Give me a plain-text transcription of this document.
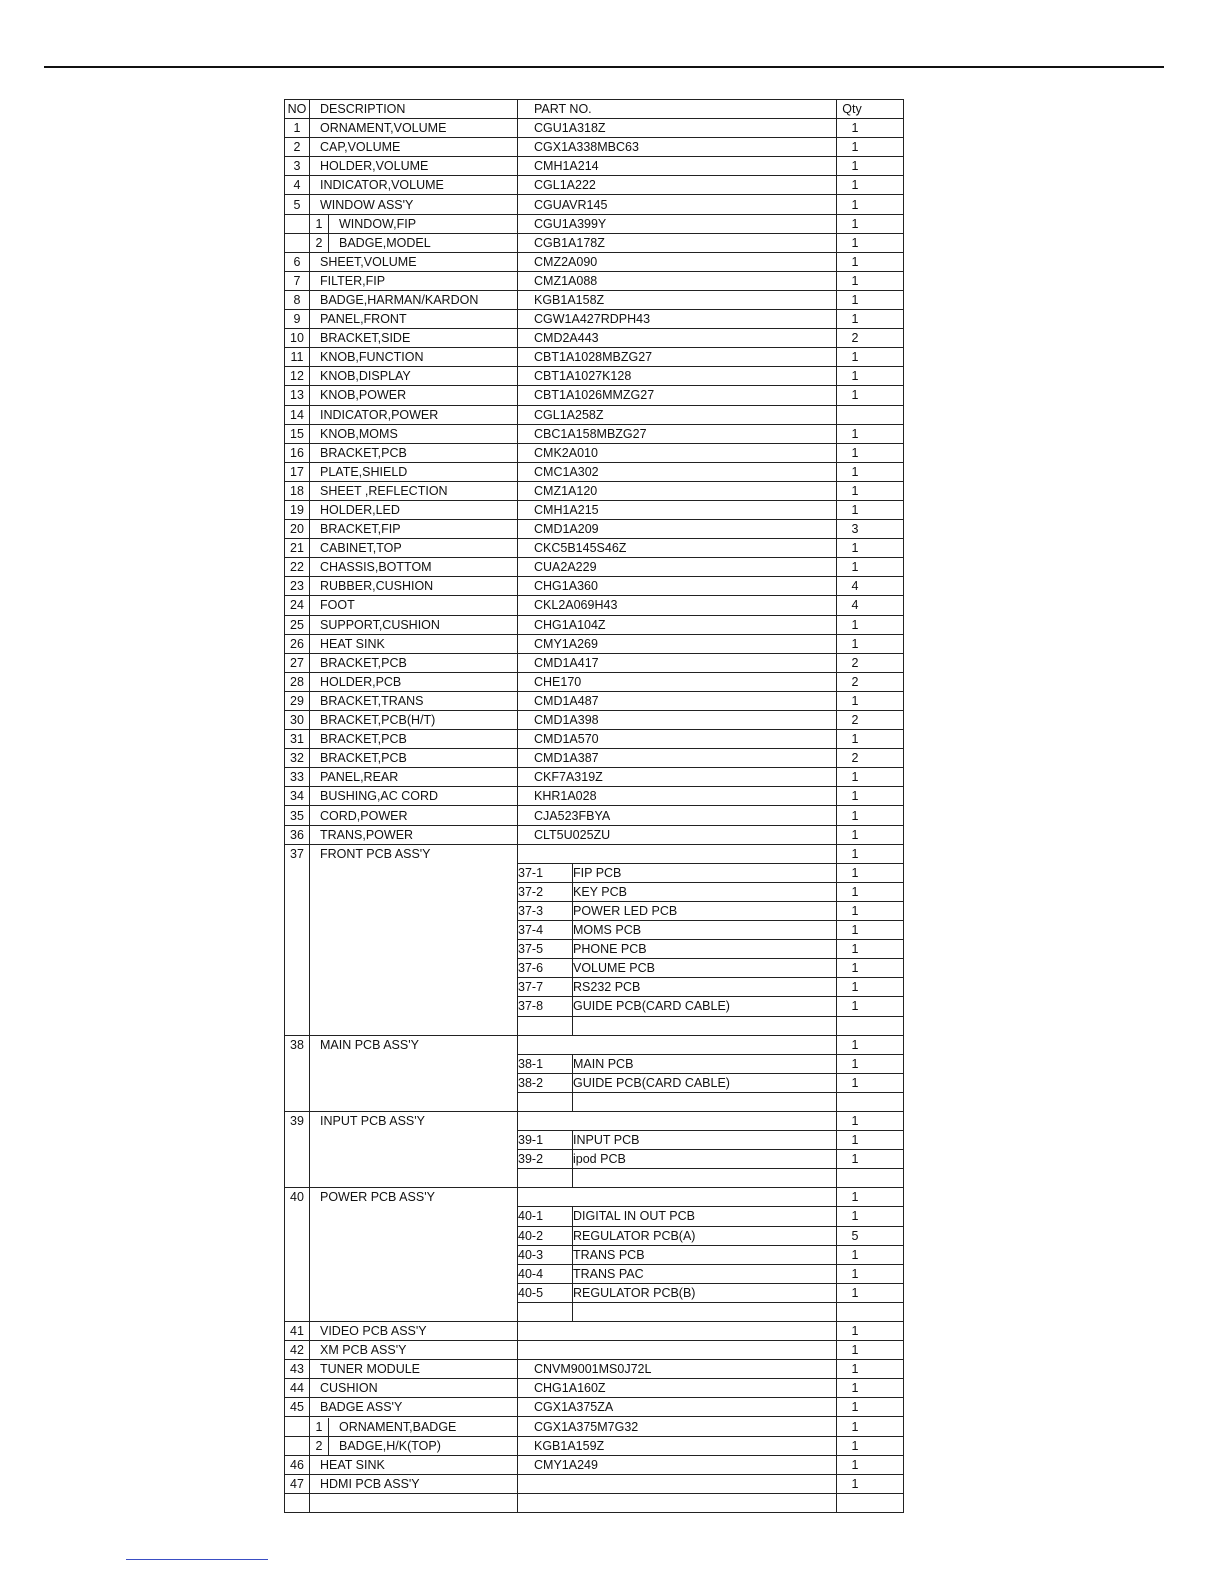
NO	DESCRIPTION	PART NO.		Qty
1	ORNAMENT,VOLUME	CGU1A318Z		1
2	CAP,VOLUME	CGX1A338MBC63		1
3	HOLDER,VOLUME	CMH1A214		1
4	INDICATOR,VOLUME	CGL1A222		1
5	WINDOW ASS'Y	CGUAVR145		1

	1 WINDOW,FIP	CGU1A399Y		1

	2 BADGE,MODEL	CGB1A178Z		1
6	SHEET,VOLUME	CMZ2A090		1
7	FILTER,FIP	CMZ1A088		1
8	BADGE,HARMAN/KARDON	KGB1A158Z		1
9	PANEL,FRONT	CGW1A427RDPH43		1
10	BRACKET,SIDE	CMD2A443		2
11	KNOB,FUNCTION	CBT1A1028MBZG27		1
12	KNOB,DISPLAY	CBT1A1027K128		1
13	KNOB,POWER	CBT1A1026MMZG27		1
14	INDICATOR,POWER	CGL1A258Z		
15	KNOB,MOMS	CBC1A158MBZG27		1
16	BRACKET,PCB	CMK2A010		1
17	PLATE,SHIELD	CMC1A302		1
18	SHEET ,REFLECTION	CMZ1A120		1
19	HOLDER,LED	CMH1A215		1
20	BRACKET,FIP	CMD1A209		3
21	CABINET,TOP	CKC5B145S46Z		1
22	CHASSIS,BOTTOM	CUA2A229		1
23	RUBBER,CUSHION	CHG1A360		4
24	FOOT	CKL2A069H43		4
25	SUPPORT,CUSHION	CHG1A104Z		1
26	HEAT SINK	CMY1A269		1
27	BRACKET,PCB	CMD1A417		2
28	HOLDER,PCB	CHE170		2
29	BRACKET,TRANS	CMD1A487		1
30	BRACKET,PCB(H/T)	CMD1A398		2
31	BRACKET,PCB	CMD1A570		1
32	BRACKET,PCB	CMD1A387		2
33	PANEL,REAR	CKF7A319Z		1
34	BUSHING,AC CORD	KHR1A028		1
35	CORD,POWER	CJA523FBYA		1
36	TRANS,POWER	CLT5U025ZU		1
37	FRONT PCB ASS'Y			1
		37-1	FIP PCB	1
		37-2	KEY PCB	1
		37-3	POWER LED PCB	1
		37-4	MOMS PCB	1
		37-5	PHONE PCB	1
		37-6	VOLUME PCB	1
		37-7	RS232 PCB	1
		37-8	GUIDE PCB(CARD CABLE)	1

38	MAIN PCB ASS'Y			1
		38-1	MAIN PCB	1
		38-2	GUIDE PCB(CARD CABLE)	1

39	INPUT PCB ASS'Y			1
		39-1	INPUT PCB	1
		39-2	ipod PCB	1

40	POWER PCB ASS'Y			1
		40-1	DIGITAL IN OUT PCB	1
		40-2	REGULATOR PCB(A)	5
		40-3	TRANS PCB	1
		40-4	TRANS PAC	1
		40-5	REGULATOR PCB(B)	1

41	VIDEO PCB ASS'Y			1
42	XM PCB ASS'Y			1
43	TUNER MODULE	CNVM9001MS0J72L		1
44	CUSHION	CHG1A160Z		1
45	BADGE ASS'Y	CGX1A375ZA		1

	1 ORNAMENT,BADGE	CGX1A375M7G32		1

	2 BADGE,H/K(TOP)	KGB1A159Z		1
46	HEAT SINK	CMY1A249		1
47	HDMI PCB ASS'Y			1
